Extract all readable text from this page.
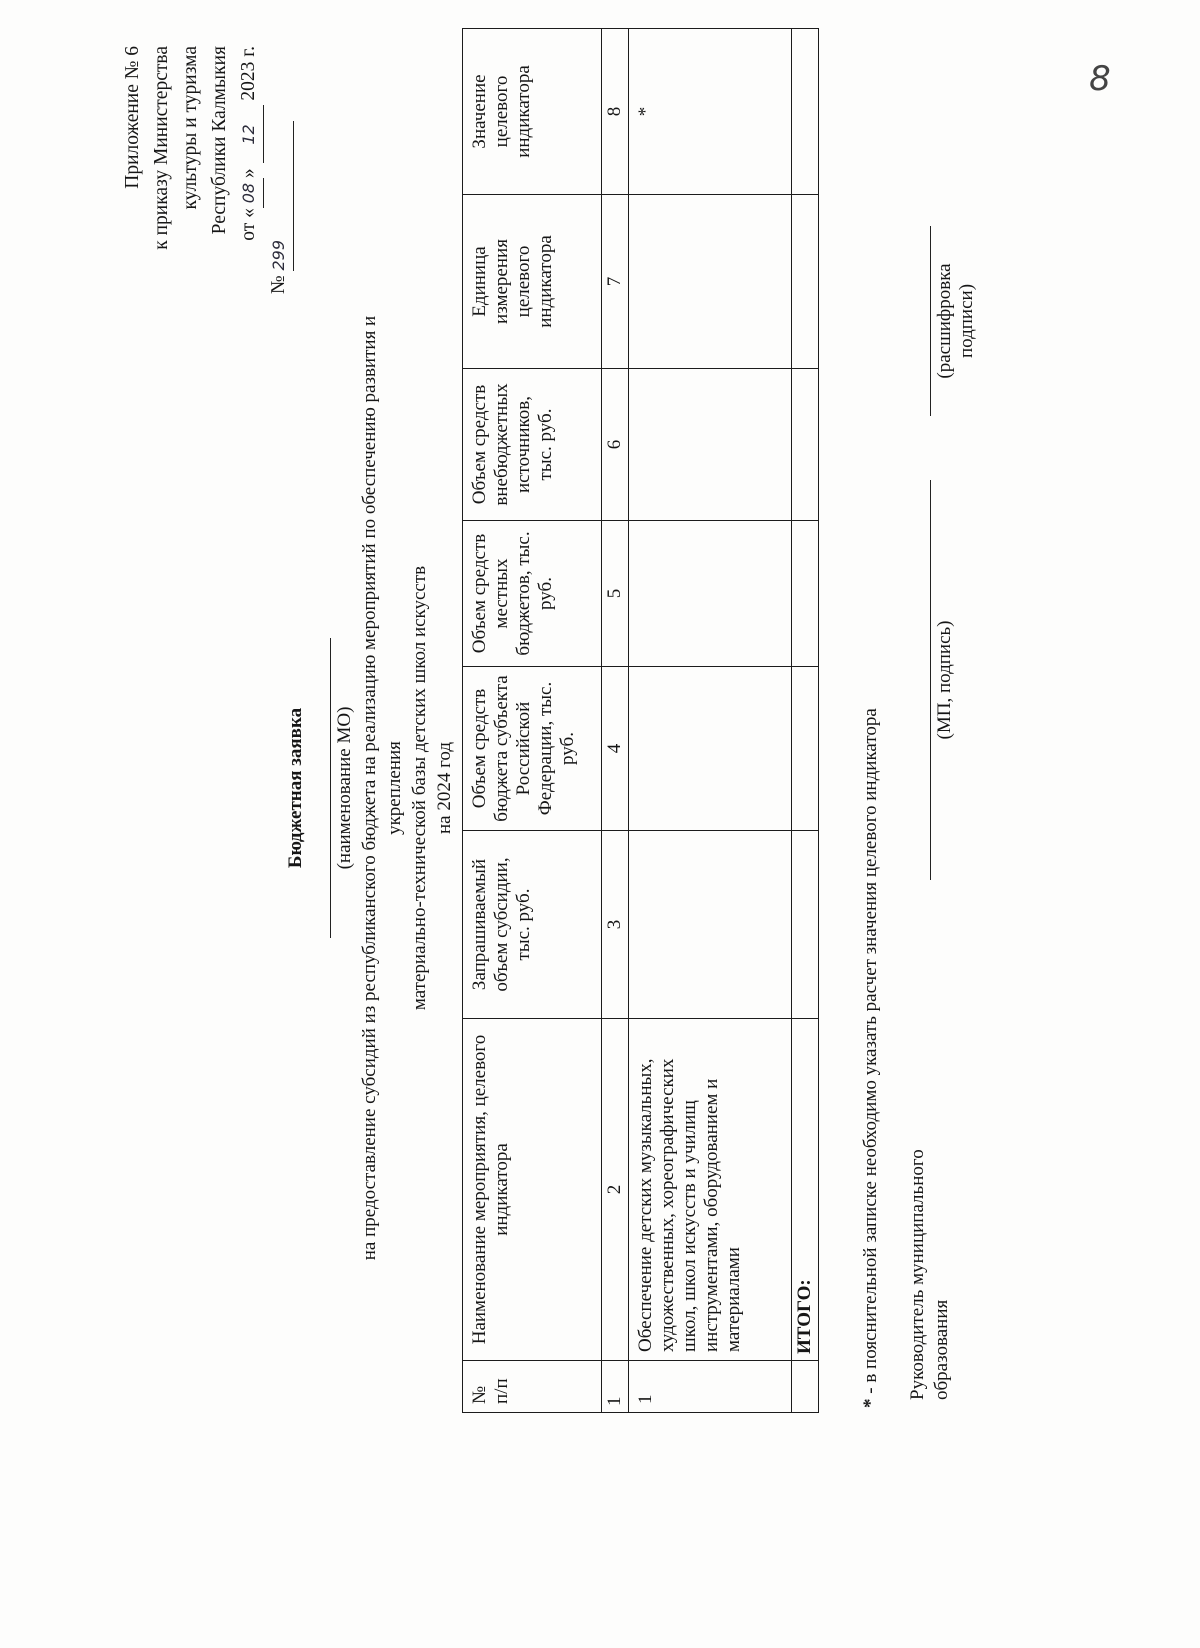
Приложение № 6 к приказу Министерства культуры и туризма Республики Калмыкия от «08» 12 2023 г.
№ 299
Бюджетная заявка (наименование МО) на предоставление субсидий из республиканского бюджета на реализацию мероприятий по обеспечению развития и укрепления материально-технической базы детских школ искусств на 2024 год
№ п/п	Наименование мероприятия, целевого индикатора	Запрашиваемый объем субсидии, тыс. руб.	Объем средств бюджета субъекта Российской Федерации, тыс. руб.	Объем средств местных бюджетов, тыс. руб.	Объем средств внебюджетных источников, тыс. руб.	Единица измерения целевого индикатора	Значение целевого индикатора
1	2	3	4	5	6	7	8
1	Обеспечение детских музыкальных, художественных, хореографических школ, школ искусств и училищ инструментами, оборудованием и материалами						*
	ИТОГО:						
* - в пояснительной записке необходимо указать расчет значения целевого индикатора Руководитель муниципального образования
(МП, подпись)
(расшифровка подписи)
8
